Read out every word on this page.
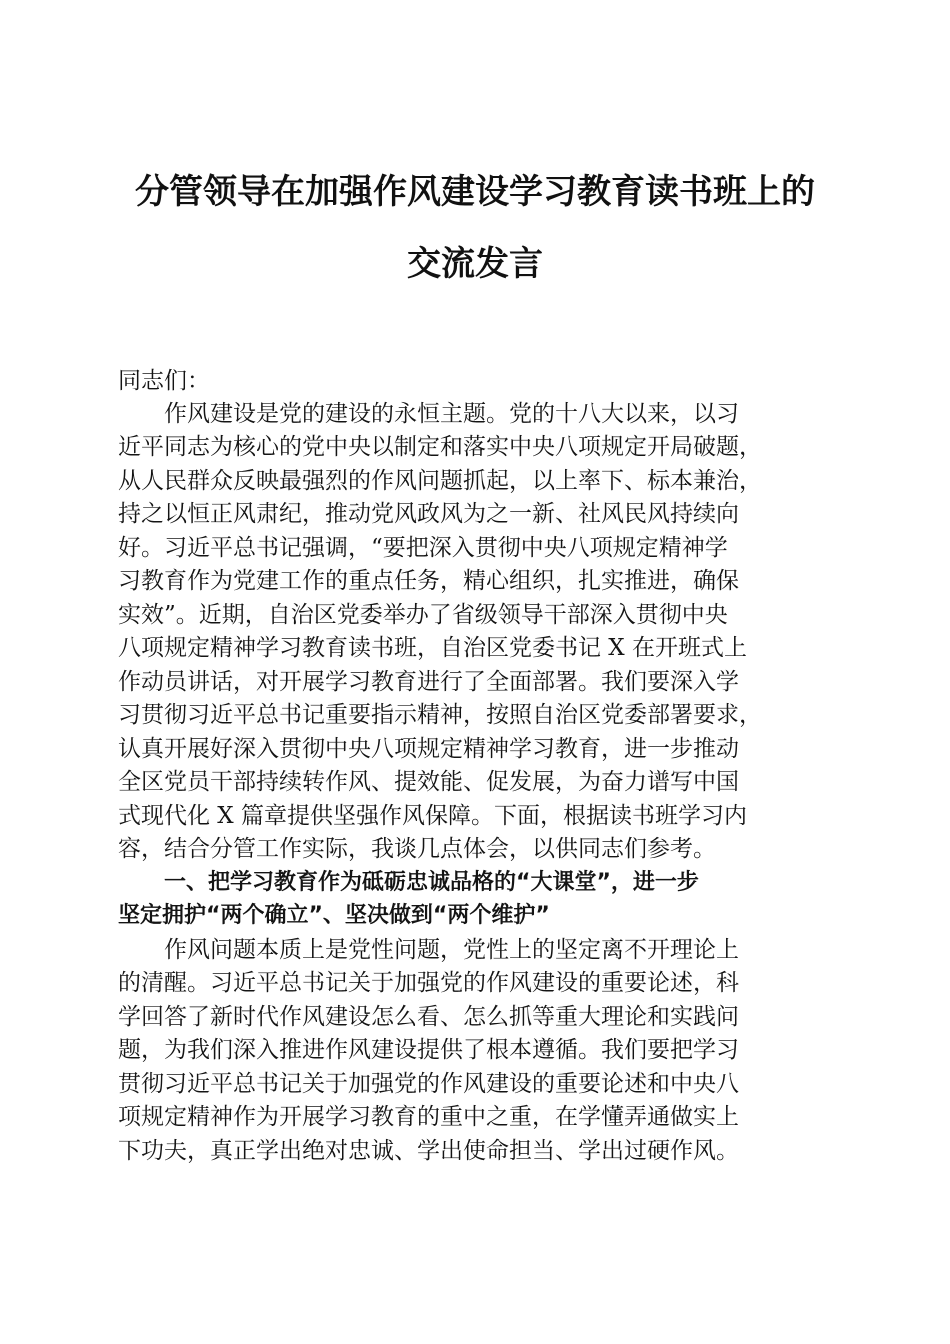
分管领导在加强作风建设学习教育读书班上的
交流发言
同志们：
作风建设是党的建设的永恒主题。党的十八大以来，以习
近平同志为核心的党中央以制定和落实中央八项规定开局破题，
从人民群众反映最强烈的作风问题抓起，以上率下、标本兼治，
持之以恒正风肃纪，推动党风政风为之一新、社风民风持续向
好。习近平总书记强调，“要把深入贯彻中央八项规定精神学
习教育作为党建工作的重点任务，精心组织，扎实推进，确保
实效”。近期，自治区党委举办了省级领导干部深入贯彻中央
八项规定精神学习教育读书班，自治区党委书记 X 在开班式上
作动员讲话，对开展学习教育进行了全面部署。我们要深入学
习贯彻习近平总书记重要指示精神，按照自治区党委部署要求，
认真开展好深入贯彻中央八项规定精神学习教育，进一步推动
全区党员干部持续转作风、提效能、促发展，为奋力谱写中国
式现代化 X 篇章提供坚强作风保障。下面，根据读书班学习内
容，结合分管工作实际，我谈几点体会，以供同志们参考。
一、把学习教育作为砥砺忠诚品格的“大课堂”，进一步
坚定拥护“两个确立”、坚决做到“两个维护”
作风问题本质上是党性问题，党性上的坚定离不开理论上
的清醒。习近平总书记关于加强党的作风建设的重要论述，科
学回答了新时代作风建设怎么看、怎么抓等重大理论和实践问
题，为我们深入推进作风建设提供了根本遵循。我们要把学习
贯彻习近平总书记关于加强党的作风建设的重要论述和中央八
项规定精神作为开展学习教育的重中之重，在学懂弄通做实上
下功夫，真正学出绝对忠诚、学出使命担当、学出过硬作风。
